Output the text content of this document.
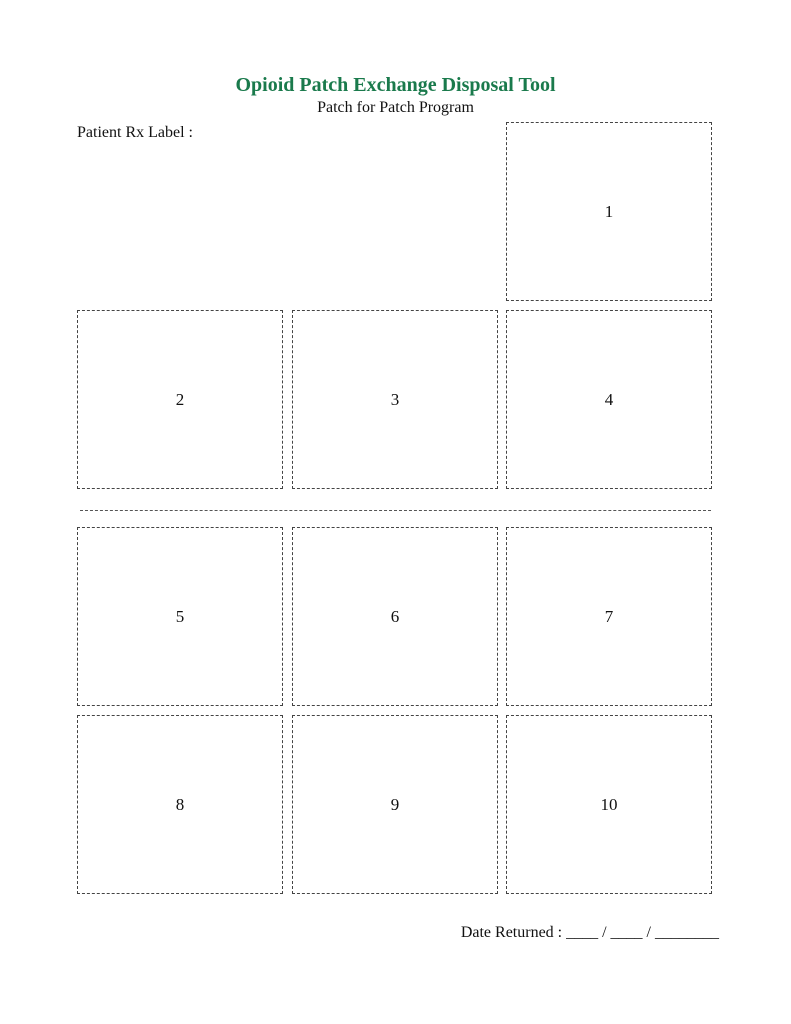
Opioid Patch Exchange Disposal Tool
Patch for Patch Program
Patient Rx Label :
1
2	3	4
5	6	7
8	9	10
Date Returned : ____ / ____ / ________
